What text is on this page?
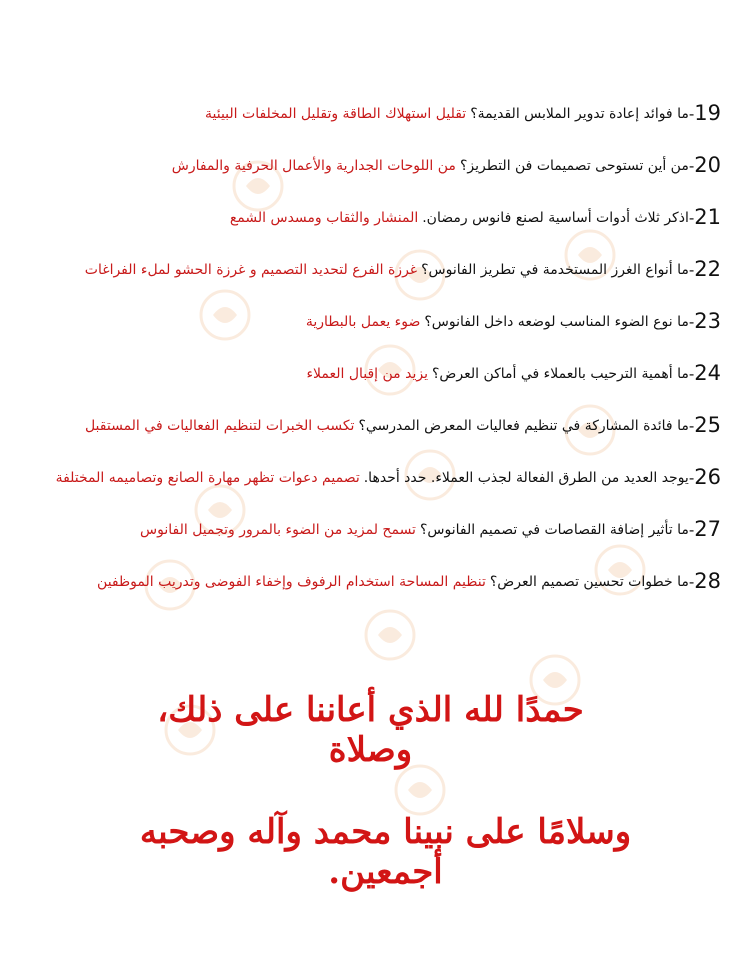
19
-
ما فوائد إعادة تدوير الملابس القديمة؟
تقليل استهلاك الطاقة وتقليل المخلفات البيئية
20
-
من أين تستوحى تصميمات فن التطريز؟
من اللوحات الجدارية والأعمال الحرفية والمفارش
21
-
اذكر ثلاث أدوات أساسية لصنع فانوس رمضان.
المنشار والثقاب ومسدس الشمع
22
-
ما أنواع الغرز المستخدمة في تطريز الفانوس؟
غرزة الفرع لتحديد التصميم و غرزة الحشو لملء الفراغات
23
-
ما نوع الضوء المناسب لوضعه داخل الفانوس؟
ضوء يعمل بالبطارية
24
-
ما أهمية الترحيب بالعملاء في أماكن العرض؟
يزيد من إقبال العملاء
25
-
ما فائدة المشاركة في تنظيم فعاليات المعرض المدرسي؟
تكسب الخبرات لتنظيم الفعاليات في المستقبل
26
-
يوجد العديد من الطرق الفعالة لجذب العملاء. حدد أحدها.
تصميم دعوات تظهر مهارة الصانع وتصاميمه المختلفة
27
-
ما تأثير إضافة القصاصات في تصميم الفانوس؟
تسمح لمزيد من الضوء بالمرور وتجميل الفانوس
28
-
ما خطوات تحسين تصميم العرض؟
تنظيم المساحة استخدام الرفوف وإخفاء الفوضى وتدريب الموظفين
حمدًا لله الذي أعاننا على ذلك، وصلاة
وسلامًا على نبينا محمد وآله وصحبه أجمعين.
